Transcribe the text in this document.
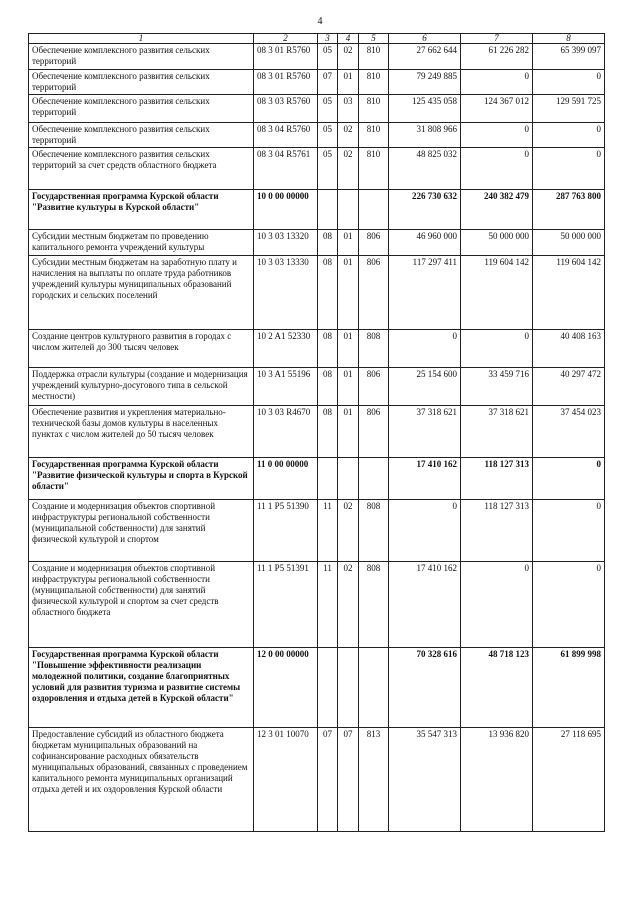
4
1	2	3	4	5	6	7	8
Обеспечение комплексного развития сельских территорий	08 3 01 R5760	05	02	810	27 662 644	61 226 282	65 399 097
Обеспечение комплексного развития сельских территорий	08 3 01 R5760	07	01	810	79 249 885	0	0
Обеспечение комплексного развития сельских территорий	08 3 03 R5760	05	03	810	125 435 058	124 367 012	129 591 725
Обеспечение комплексного развития сельских территорий	08 3 04 R5760	05	02	810	31 808 966	0	0
Обеспечение комплексного развития сельских территорий за счет средств областного бюджета	08 3 04 R5761	05	02	810	48 825 032	0	0
Государственная программа Курской области "Развитие культуры в Курской области"	10 0 00 00000				226 730 632	240 382 479	287 763 800
Субсидии местным бюджетам по проведению капитального ремонта учреждений культуры	10 3 03 13320	08	01	806	46 960 000	50 000 000	50 000 000
Субсидии местным бюджетам на заработную плату и начисления на выплаты по оплате труда работников учреждений культуры муниципальных образований городских и сельских поселений	10 3 03 13330	08	01	806	117 297 411	119 604 142	119 604 142
Создание центров культурного развития в городах с числом жителей до 300 тысяч человек	10 2 A1 52330	08	01	808	0	0	40 408 163
Поддержка отрасли культуры (создание и модернизация учреждений культурно-досугового типа в сельской местности)	10 3 A1 55196	08	01	806	25 154 600	33 459 716	40 297 472
Обеспечение развития и укрепления материально-технической базы домов культуры в населенных пунктах с числом жителей до 50 тысяч человек	10 3 03 R4670	08	01	806	37 318 621	37 318 621	37 454 023
Государственная программа Курской области "Развитие физической культуры и спорта в Курской области"	11 0 00 00000				17 410 162	118 127 313	0
Создание и модернизация объектов спортивной инфраструктуры региональной собственности (муниципальной собственности) для занятий физической культурой и спортом	11 1 P5 51390	11	02	808	0	118 127 313	0
Создание и модернизация объектов спортивной инфраструктуры региональной собственности (муниципальной собственности) для занятий физической культурой и спортом за счет средств областного бюджета	11 1 P5 51391	11	02	808	17 410 162	0	0
Государственная программа Курской области "Повышение эффективности реализации молодежной политики, создание благоприятных условий для развития туризма и развитие системы оздоровления и отдыха детей в Курской области"	12 0 00 00000				70 328 616	48 718 123	61 899 998
Предоставление субсидий из областного бюджета бюджетам муниципальных образований на софинансирование расходных обязательств муниципальных образований, связанных с проведением капитального ремонта муниципальных организаций отдыха детей и их оздоровления Курской области	12 3 01 10070	07	07	813	35 547 313	13 936 820	27 118 695
